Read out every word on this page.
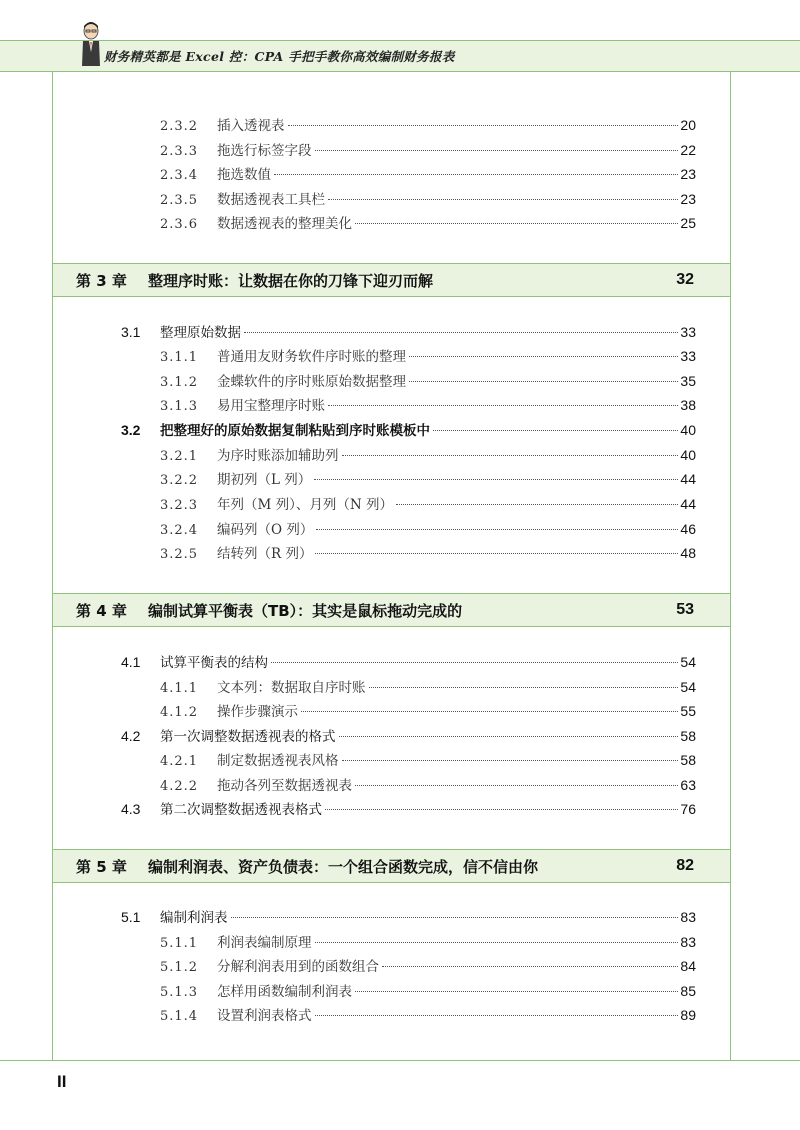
财务精英都是 Excel 控：CPA 手把手教你高效编制财务报表
2.3.2	插入透视表	20
2.3.3	拖选行标签字段	22
2.3.4	拖选数值	23
2.3.5	数据透视表工具栏	23
2.3.6	数据透视表的整理美化	25
第 3 章	整理序时账：让数据在你的刀锋下迎刃而解	32
3.1	整理原始数据	33
3.1.1	普通用友财务软件序时账的整理	33
3.1.2	金蝶软件的序时账原始数据整理	35
3.1.3	易用宝整理序时账	38
3.2	把整理好的原始数据复制粘贴到序时账模板中	40
3.2.1	为序时账添加辅助列	40
3.2.2	期初列（L 列）	44
3.2.3	年列（M 列）、月列（N 列）	44
3.2.4	编码列（O 列）	46
3.2.5	结转列（R 列）	48
第 4 章	编制试算平衡表（TB）：其实是鼠标拖动完成的	53
4.1	试算平衡表的结构	54
4.1.1	文本列：数据取自序时账	54
4.1.2	操作步骤演示	55
4.2	第一次调整数据透视表的格式	58
4.2.1	制定数据透视表风格	58
4.2.2	拖动各列至数据透视表	63
4.3	第二次调整数据透视表格式	76
第 5 章	编制利润表、资产负债表：一个组合函数完成，信不信由你	82
5.1	编制利润表	83
5.1.1	利润表编制原理	83
5.1.2	分解利润表用到的函数组合	84
5.1.3	怎样用函数编制利润表	85
5.1.4	设置利润表格式	89
II
